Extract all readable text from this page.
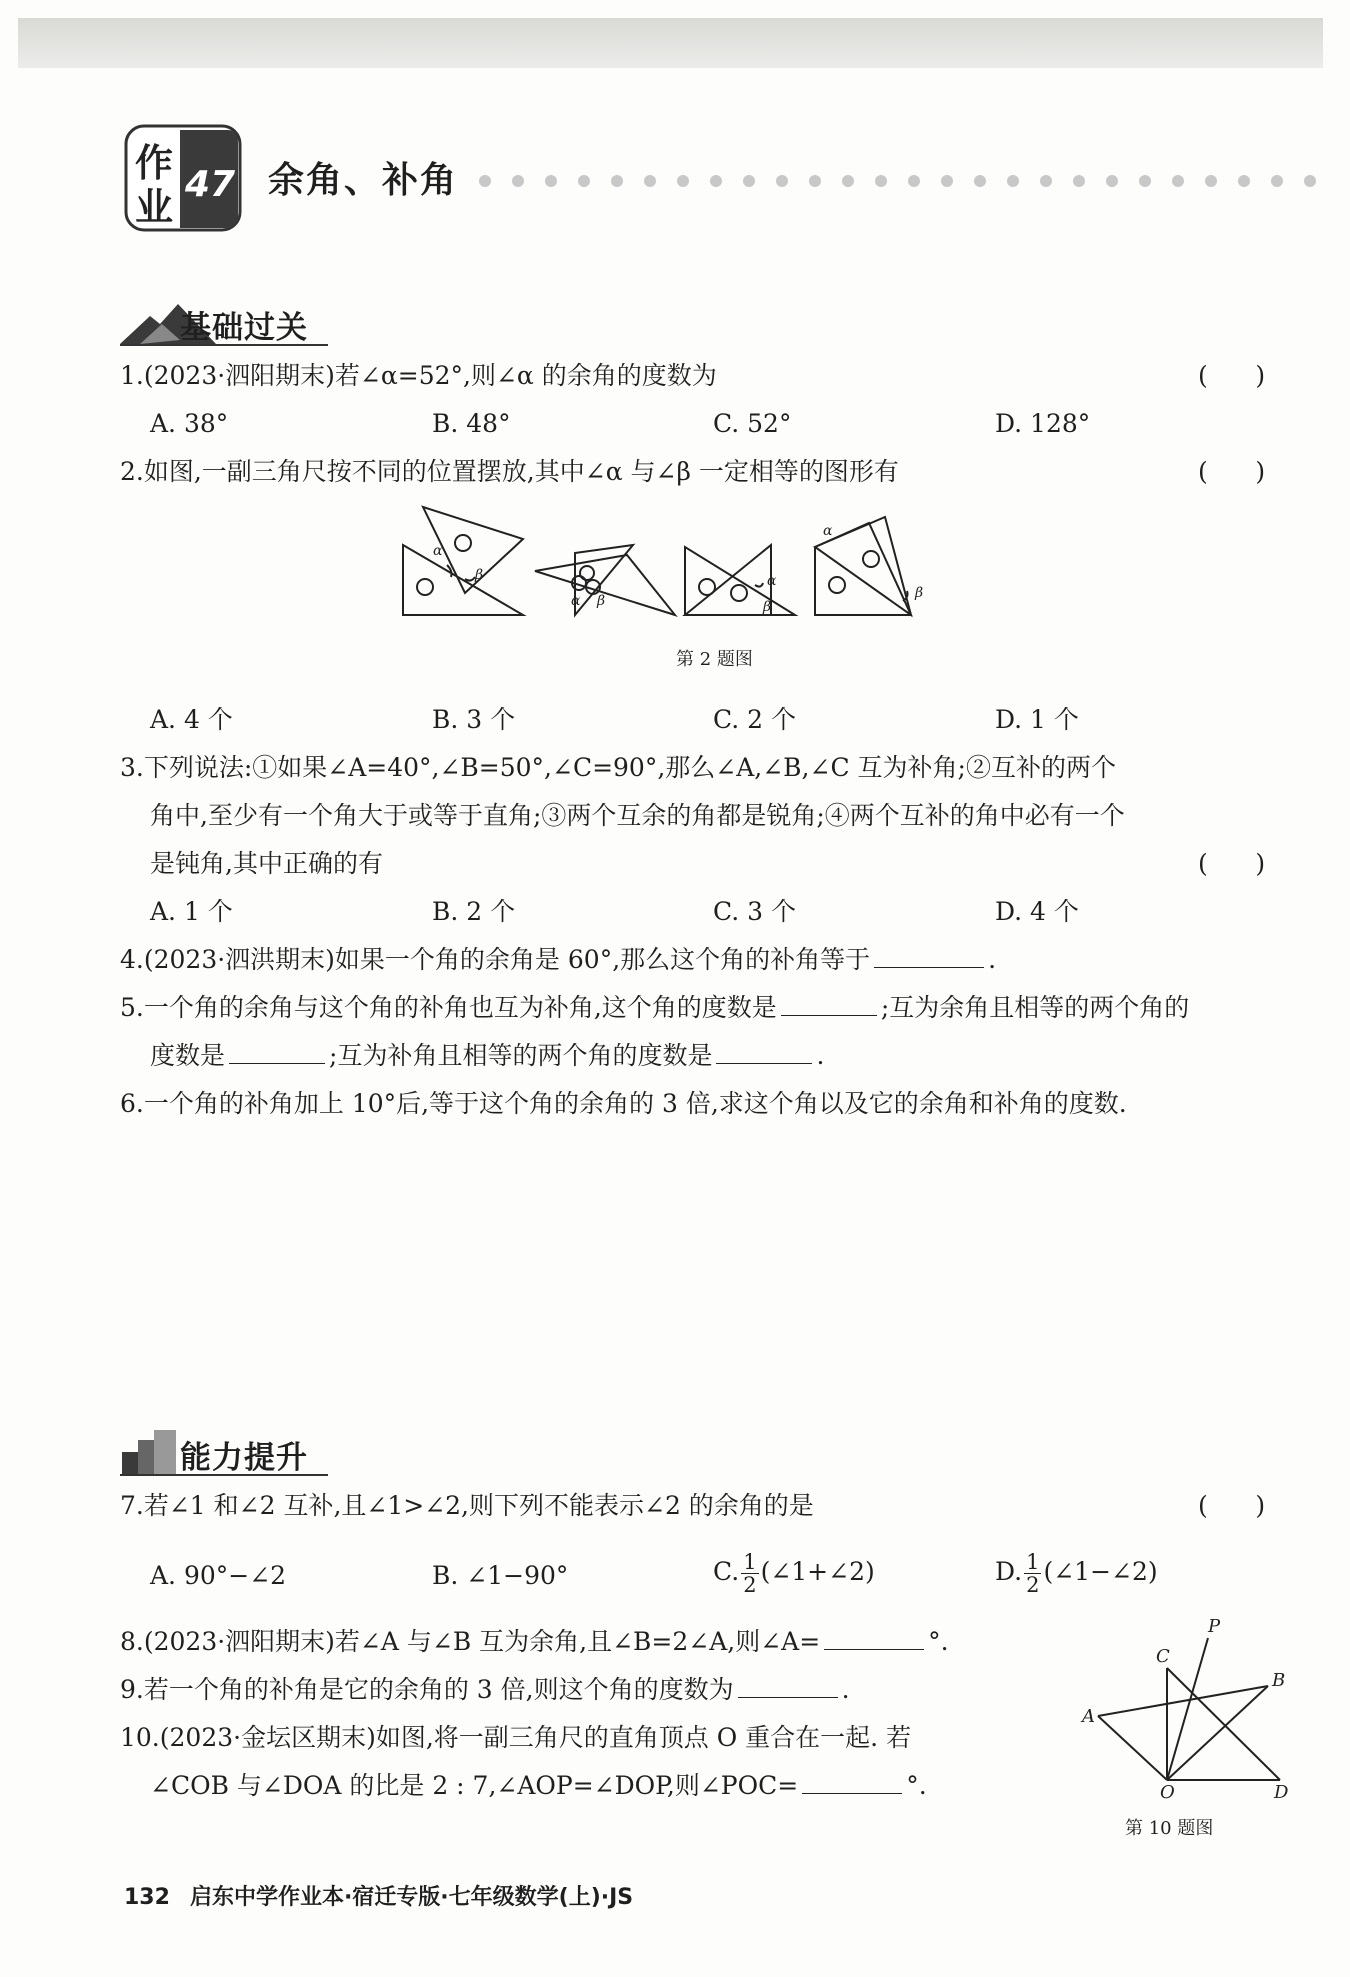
作
业
47 余角、补角
基础过关
1.(2023·泗阳期末)若∠α=52°,则∠α 的余角的度数为	(      )
A. 38°	B. 48°	C. 52°	D. 128°
2.如图,一副三角尺按不同的位置摆放,其中∠α 与∠β 一定相等的图形有	(      )
α
β
α β
α
β
α
β
第 2 题图
A. 4 个	B. 3 个	C. 2 个	D. 1 个
3.下列说法:①如果∠A=40°,∠B=50°,∠C=90°,那么∠A,∠B,∠C 互为补角;②互补的两个
角中,至少有一个角大于或等于直角;③两个互余的角都是锐角;④两个互补的角中必有一个
是钝角,其中正确的有	(      )
A. 1 个	B. 2 个	C. 3 个	D. 4 个
4.(2023·泗洪期末)如果一个角的余角是 60°,那么这个角的补角等于	.
5.一个角的余角与这个角的补角也互为补角,这个角的度数是	;互为余角且相等的两个角的
度数是	;互为补角且相等的两个角的度数是	.
6.一个角的补角加上 10°后,等于这个角的余角的 3 倍,求这个角以及它的余角和补角的度数.
能力提升
7.若∠1 和∠2 互补,且∠1>∠2,则下列不能表示∠2 的余角的是	(      )
A. 90°−∠2	B. ∠1−90°	C. $\frac{1}{2}$ (∠1+∠2)	D. $\frac{1}{2}$ (∠1−∠2)
8.(2023·泗阳期末)若∠A 与∠B 互为余角,且∠B=2∠A,则∠A=	°.
9.若一个角的补角是它的余角的 3 倍,则这个角的度数为	.
10.(2023·金坛区期末)如图,将一副三角尺的直角顶点 O 重合在一起. 若
∠COB 与∠DOA 的比是 2 : 7,∠AOP=∠DOP,则∠POC=	°.
C
P
B
A
O	D
第 10 题图
132 启东中学作业本·宿迁专版·七年级数学(上)·JS
